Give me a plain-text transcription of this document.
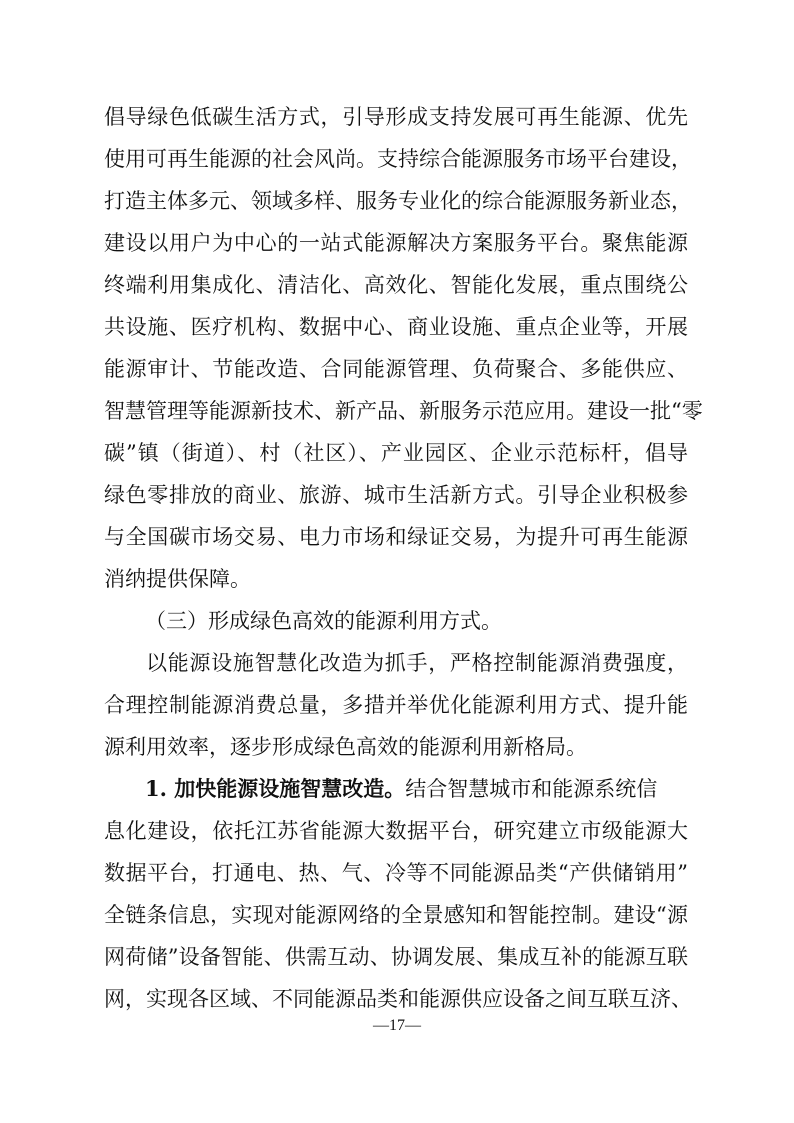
倡导绿色低碳生活方式，引导形成支持发展可再生能源、优先
使用可再生能源的社会风尚。支持综合能源服务市场平台建设，
打造主体多元、领域多样、服务专业化的综合能源服务新业态，
建设以用户为中心的一站式能源解决方案服务平台。聚焦能源
终端利用集成化、清洁化、高效化、智能化发展，重点围绕公
共设施、医疗机构、数据中心、商业设施、重点企业等，开展
能源审计、节能改造、合同能源管理、负荷聚合、多能供应、
智慧管理等能源新技术、新产品、新服务示范应用。建设一批“零
碳”镇（街道）、村（社区）、产业园区、企业示范标杆，倡导
绿色零排放的商业、旅游、城市生活新方式。引导企业积极参
与全国碳市场交易、电力市场和绿证交易，为提升可再生能源
消纳提供保障。
（三）形成绿色高效的能源利用方式。
以能源设施智慧化改造为抓手，严格控制能源消费强度，
合理控制能源消费总量，多措并举优化能源利用方式、提升能
源利用效率，逐步形成绿色高效的能源利用新格局。
1. 加快能源设施智慧改造。结合智慧城市和能源系统信
息化建设，依托江苏省能源大数据平台，研究建立市级能源大
数据平台，打通电、热、气、冷等不同能源品类“产供储销用”
全链条信息，实现对能源网络的全景感知和智能控制。建设“源
网荷储”设备智能、供需互动、协调发展、集成互补的能源互联
网，实现各区域、不同能源品类和能源供应设备之间互联互济、
—17—
